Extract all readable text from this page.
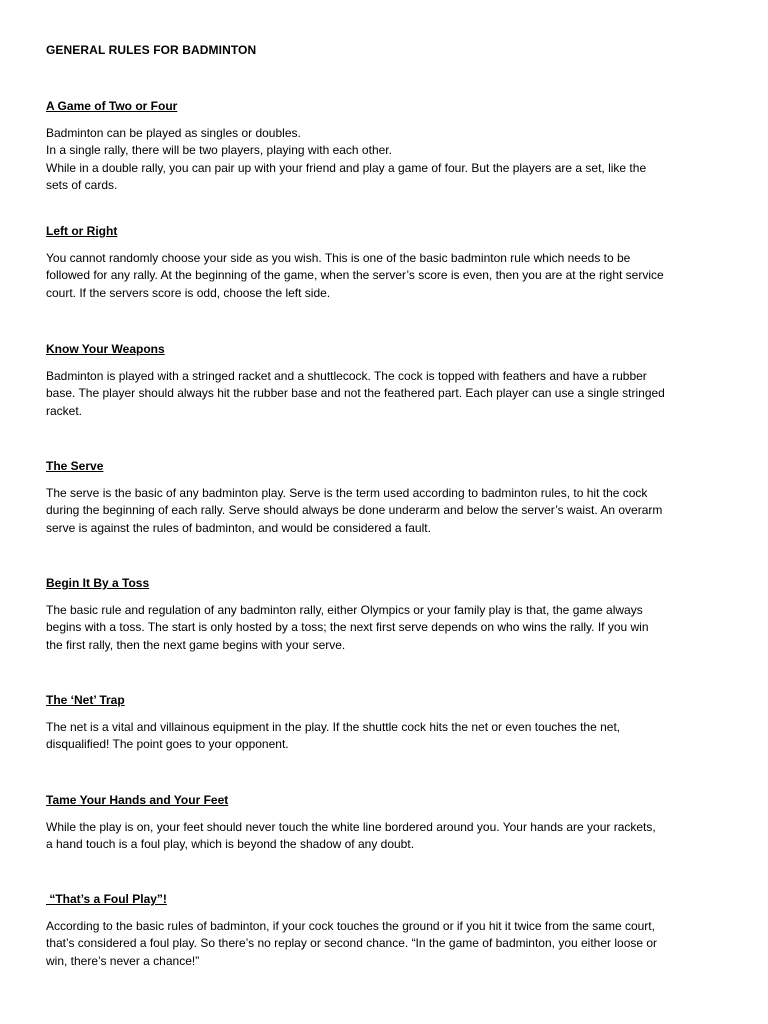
GENERAL RULES FOR BADMINTON
A Game of Two or Four
Badminton can be played as singles or doubles.
In a single rally, there will be two players, playing with each other.
While in a double rally, you can pair up with your friend and play a game of four. But the players are a set, like the
sets of cards.
Left or Right
You cannot randomly choose your side as you wish. This is one of the basic badminton rule which needs to be
followed for any rally. At the beginning of the game, when the server’s score is even, then you are at the right service
court. If the servers score is odd, choose the left side.
Know Your Weapons
Badminton is played with a stringed racket and a shuttlecock. The cock is topped with feathers and have a rubber
base. The player should always hit the rubber base and not the feathered part. Each player can use a single stringed
racket.
The Serve
The serve is the basic of any badminton play. Serve is the term used according to badminton rules, to hit the cock
during the beginning of each rally. Serve should always be done underarm and below the server’s waist. An overarm
serve is against the rules of badminton, and would be considered a fault.
Begin It By a Toss
The basic rule and regulation of any badminton rally, either Olympics or your family play is that, the game always
begins with a toss. The start is only hosted by a toss; the next first serve depends on who wins the rally. If you win
the first rally, then the next game begins with your serve.
The ‘Net’ Trap
The net is a vital and villainous equipment in the play. If the shuttle cock hits the net or even touches the net,
disqualified! The point goes to your opponent.
Tame Your Hands and Your Feet
While the play is on, your feet should never touch the white line bordered around you. Your hands are your rackets,
a hand touch is a foul play, which is beyond the shadow of any doubt.
“That’s a Foul Play”!
According to the basic rules of badminton, if your cock touches the ground or if you hit it twice from the same court,
that’s considered a foul play. So there’s no replay or second chance. “In the game of badminton, you either loose or
win, there’s never a chance!”
